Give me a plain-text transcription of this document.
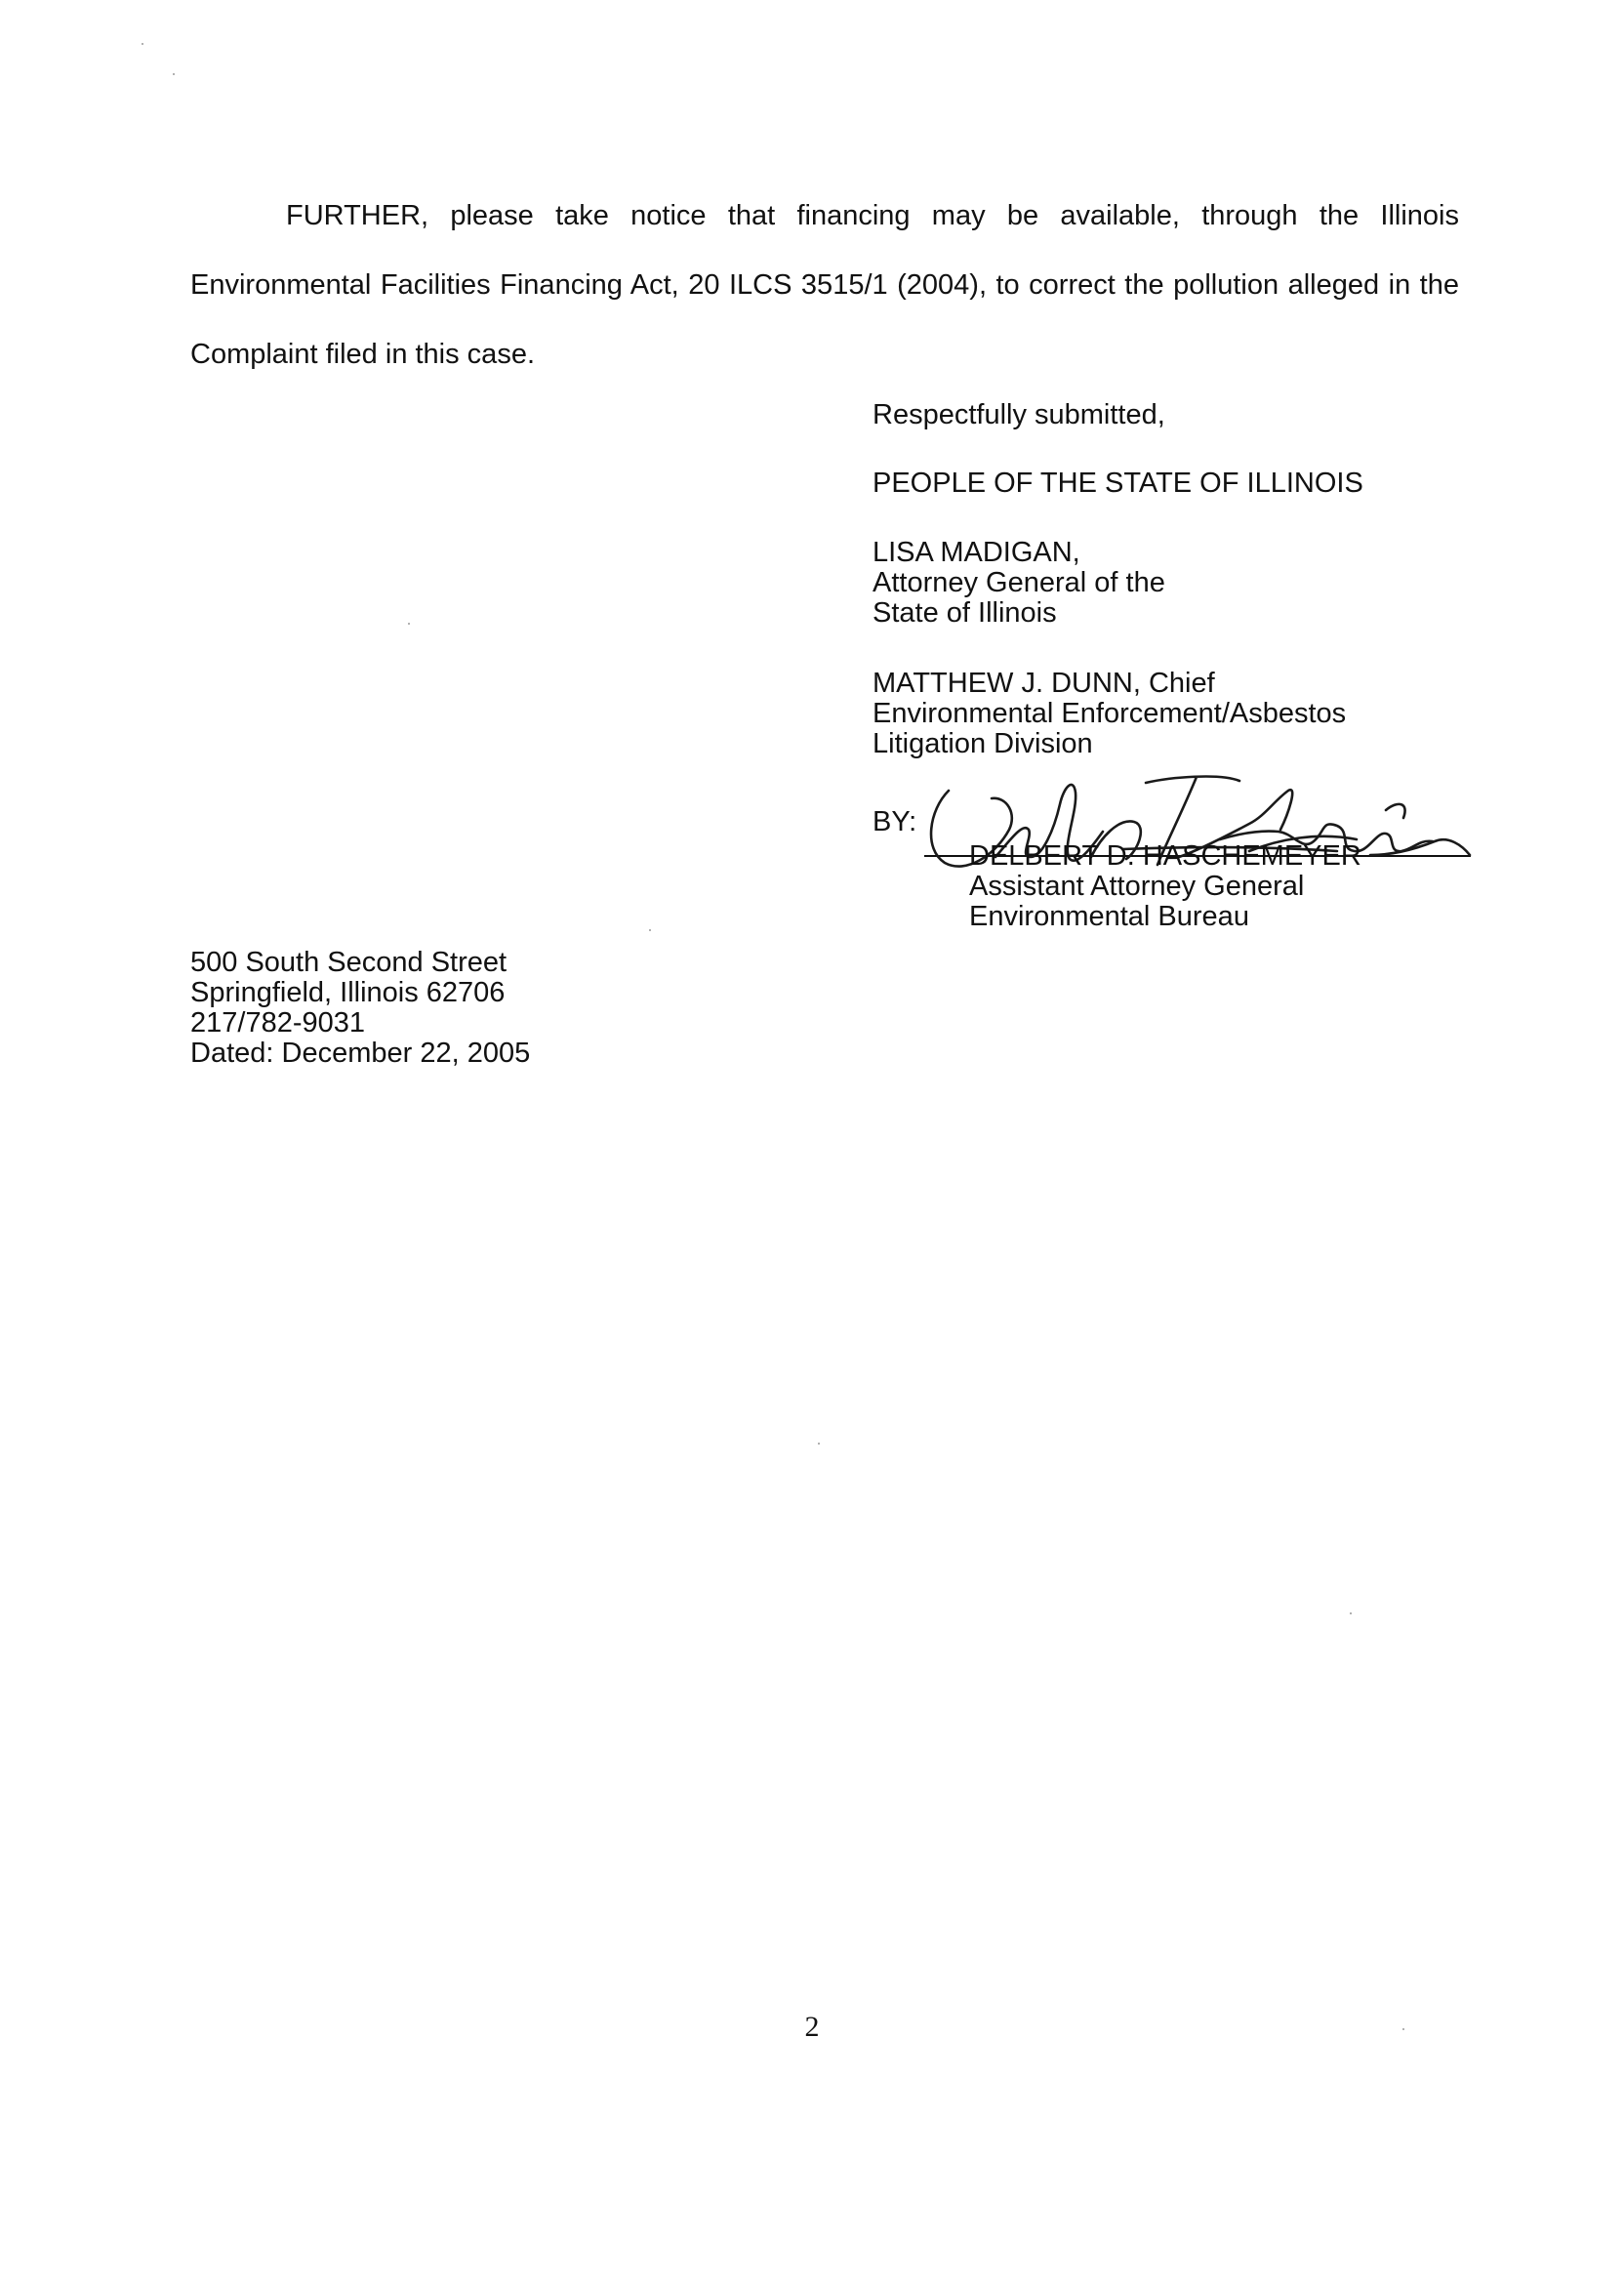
FURTHER, please take notice that financing may be available, through the Illinois Environmental Facilities Financing Act, 20 ILCS 3515/1 (2004), to correct the pollution alleged in the Complaint filed in this case.

Respectfully submitted,
PEOPLE OF THE STATE OF ILLINOIS
LISA MADIGAN,
Attorney General of the
State of Illinois
MATTHEW J. DUNN, Chief
Environmental Enforcement/Asbestos
Litigation Division
BY:
DELBERT D. HASCHEMEYER
Assistant Attorney General
Environmental Bureau
500 South Second Street
Springfield, Illinois 62706
217/782-9031
Dated: December 22, 2005
2
